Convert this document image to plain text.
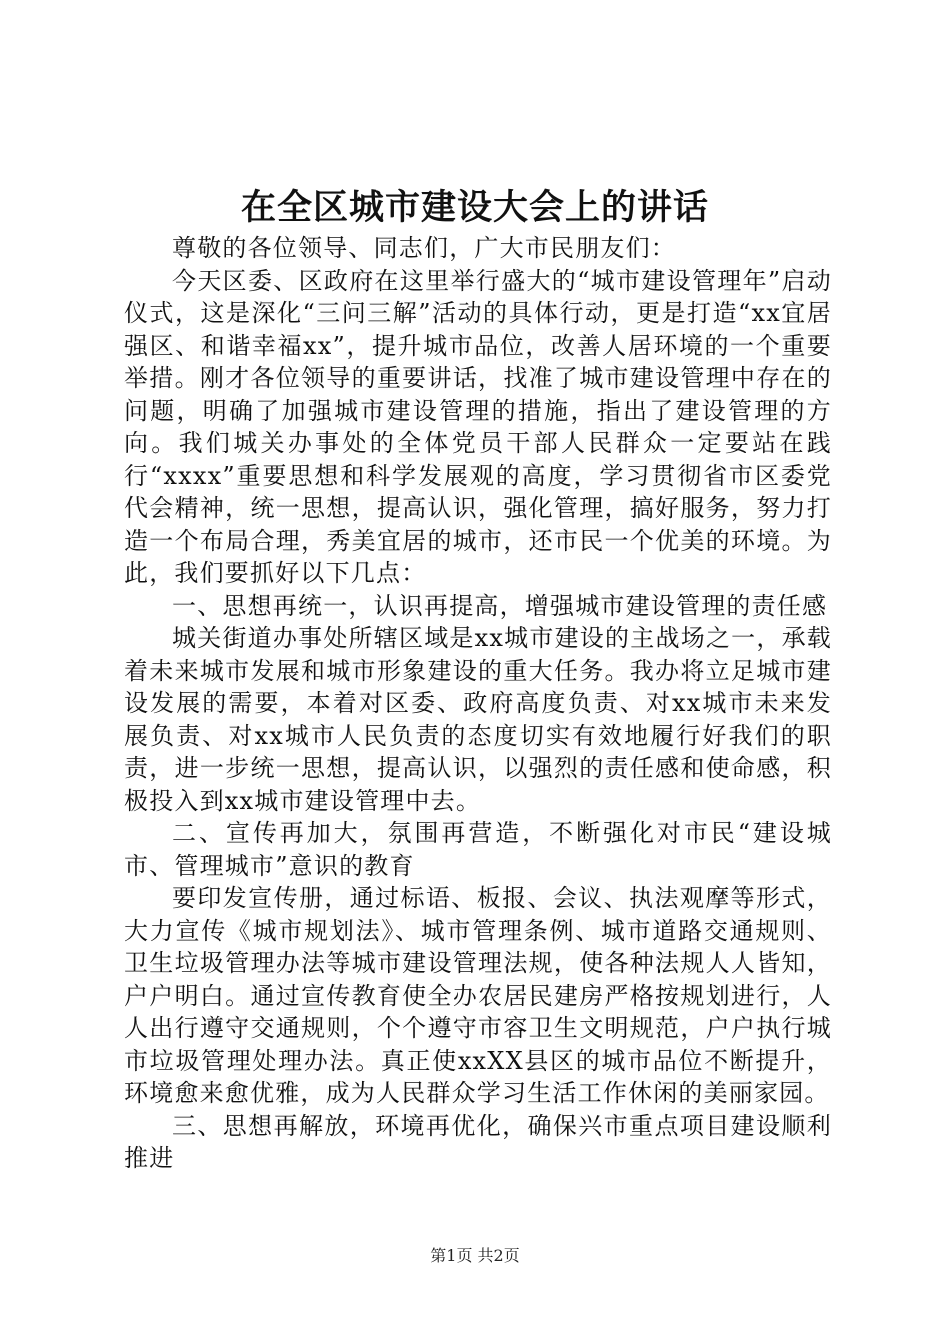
在全区城市建设大会上的讲话

尊敬的各位领导、同志们，广大市民朋友们：

今天区委、区政府在这里举行盛大的“城市建设管理年”启动仪式，这是深化“三问三解”活动的具体行动，更是打造“xx宜居强区、和谐幸福xx”，提升城市品位，改善人居环境的一个重要举措。刚才各位领导的重要讲话，找准了城市建设管理中存在的问题，明确了加强城市建设管理的措施，指出了建设管理的方向。我们城关办事处的全体党员干部人民群众一定要站在践行“xxxx”重要思想和科学发展观的高度，学习贯彻省市区委党代会精神，统一思想，提高认识，强化管理，搞好服务，努力打造一个布局合理，秀美宜居的城市，还市民一个优美的环境。为此，我们要抓好以下几点：

一、思想再统一，认识再提高，增强城市建设管理的责任感

城关街道办事处所辖区域是xx城市建设的主战场之一，承载着未来城市发展和城市形象建设的重大任务。我办将立足城市建设发展的需要，本着对区委、政府高度负责、对xx城市未来发展负责、对xx城市人民负责的态度切实有效地履行好我们的职责，进一步统一思想，提高认识，以强烈的责任感和使命感，积极投入到xx城市建设管理中去。

二、宣传再加大，氛围再营造，不断强化对市民“建设城市、管理城市”意识的教育

要印发宣传册，通过标语、板报、会议、执法观摩等形式，大力宣传《城市规划法》、城市管理条例、城市道路交通规则、卫生垃圾管理办法等城市建设管理法规，使各种法规人人皆知，户户明白。通过宣传教育使全办农居民建房严格按规划进行，人人出行遵守交通规则，个个遵守市容卫生文明规范，户户执行城市垃圾管理处理办法。真正使xxXX县区的城市品位不断提升，环境愈来愈优雅，成为人民群众学习生活工作休闲的美丽家园。

三、思想再解放，环境再优化，确保兴市重点项目建设顺利推进

第1页 共2页
